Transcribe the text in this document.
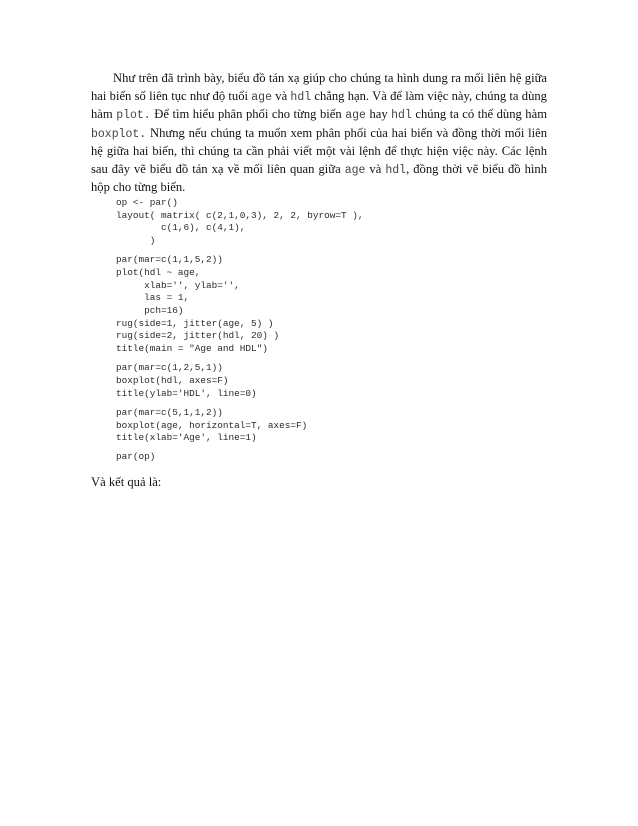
Như trên đã trình bày, biểu đồ tán xạ giúp cho chúng ta hình dung ra mối liên hệ giữa hai biến số liên tục như độ tuổi age và hdl chẳng hạn. Và để làm việc này, chúng ta dùng hàm plot. Để tìm hiểu phân phối cho từng biến age hay hdl chúng ta có thể dùng hàm boxplot. Nhưng nếu chúng ta muốn xem phân phối của hai biến và đồng thời mối liên hệ giữa hai biến, thì chúng ta cần phải viết một vài lệnh để thực hiện việc này. Các lệnh sau đây vẽ biểu đồ tán xạ về mối liên quan giữa age và hdl, đồng thời vẽ biểu đồ hình hộp cho từng biến.

op <- par()
layout( matrix( c(2,1,0,3), 2, 2, byrow=T ),
c(1,6), c(4,1),
)
par(mar=c(1,1,5,2))
plot(hdl ~ age,
xlab='', ylab='',
las = 1,
pch=16)
rug(side=1, jitter(age, 5) )
rug(side=2, jitter(hdl, 20) )
title(main = "Age and HDL")
par(mar=c(1,2,5,1))
boxplot(hdl, axes=F)
title(ylab='HDL', line=0)
par(mar=c(5,1,1,2))
boxplot(age, horizontal=T, axes=F)
title(xlab='Age', line=1)
par(op)

Và kết quả là:
